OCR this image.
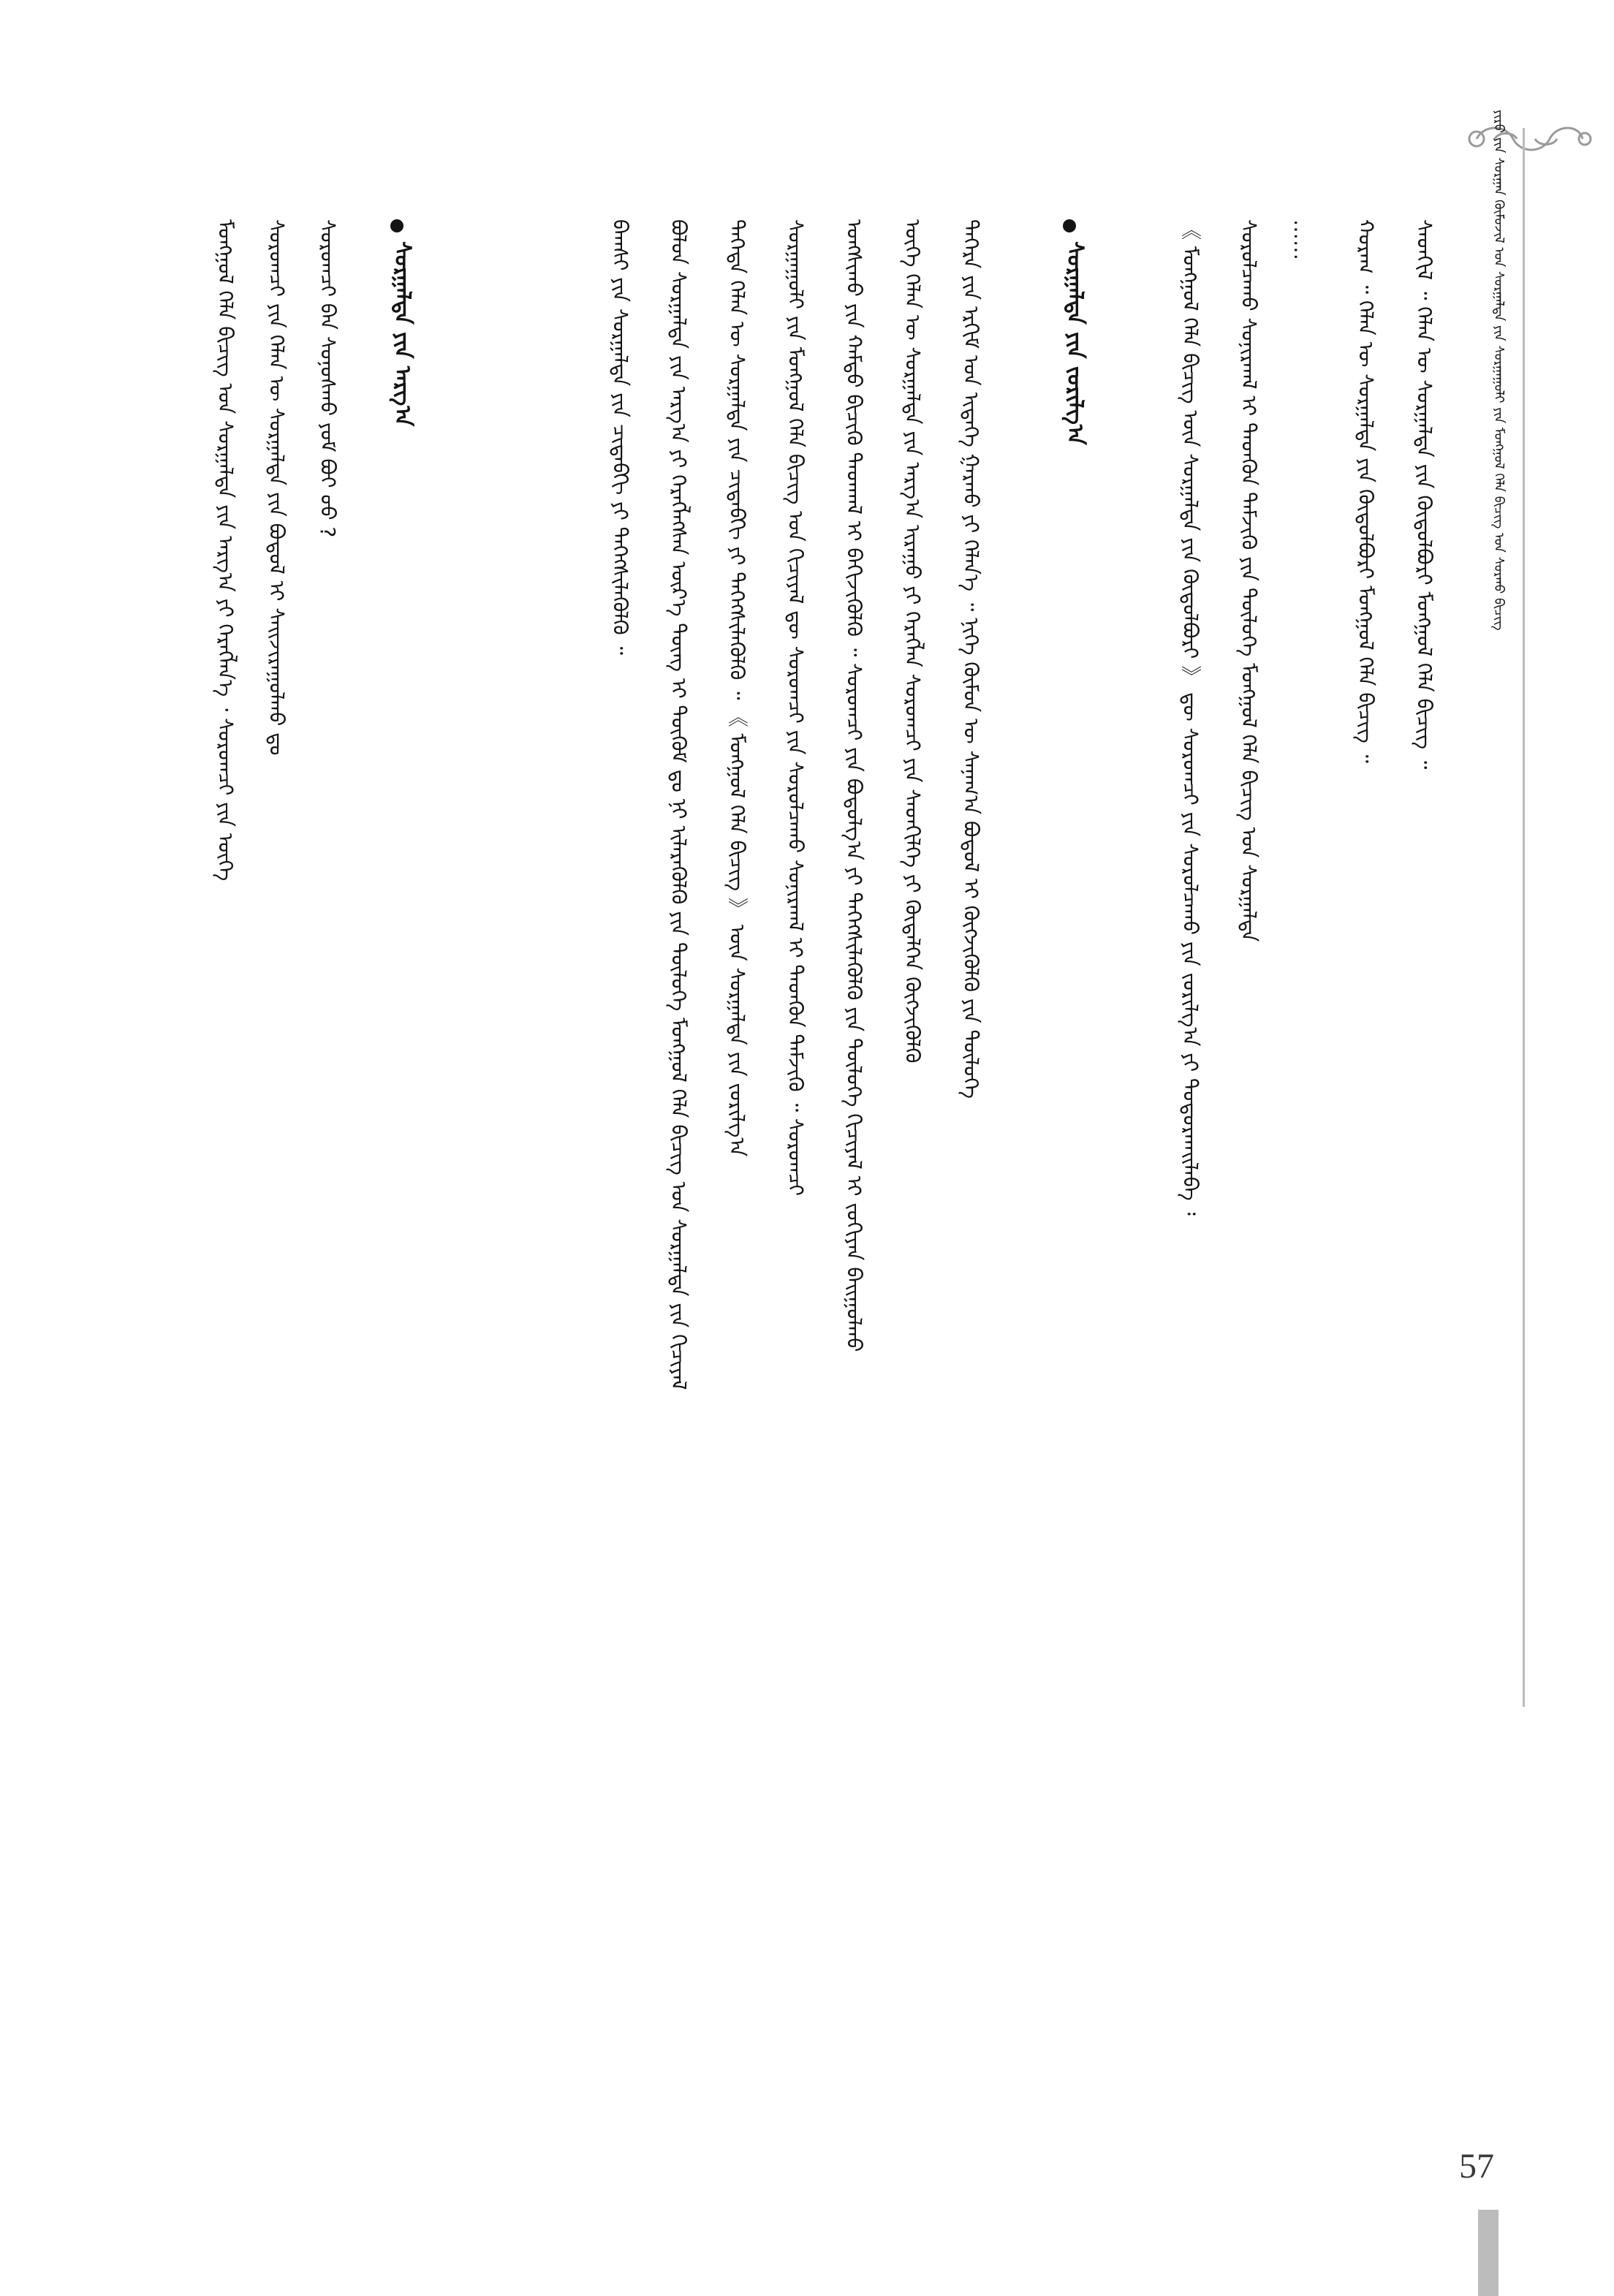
ᠶᠢᠷᠦ ᠶᠢᠨ ᠰᠤᠷᠭᠠᠨ ᠬᠦᠮᠦᠵᠢᠯ ᠤᠨ ᠰᠤᠷᠭᠠᠯᠲᠠ ᠶᠢᠨ ᠰᠤᠷᠭᠠᠭᠤᠯᠢ ᠶᠢᠨ ᠮᠣᠩᠭᠣᠯ ᠬᠡᠯᠡ ᠪᠢᠴᠢᠭ ᠤᠨ ᠰᠤᠷᠬᠤ ᠪᠢᠴᠢᠭ
ᠲᠡᠭᠡᠷᠡ ᠶᠢᠨ ᠡᠷᠬᠢᠮ ᠤᠨ ᠢᠳᠡᠭᠡ ᠭᠠᠷᠬᠤ ᠶᠢ ᠬᠡᠯᠡᠨ᠎ᠡ ᠃ ᠨᠢᠭᠡ ᠬᠦᠮᠦᠨ ᠦ ᠰᠠᠨᠠᠭ᠎ᠠ ᠪᠣᠳᠤᠯ ᠢ ᠬᠦᠭᠵᠢᠭᠦᠯᠬᠦ ᠶᠢᠨ ᠲᠥᠯᠥᠭᠡ
ᠦᠭᠡ ᠬᠡᠯᠡᠨ ᠦ ᠰᠤᠷᠭᠠᠯᠲᠠ ᠶᠢᠨ ᠠᠷᠭ᠎ᠠ ᠢᠷᠠᠭᠤ ᠶᠢ ᠬᠡᠷᠡᠭᠯᠡᠨ ᠰᠤᠷᠤᠭᠴᠢ ᠶᠢᠨ ᠰᠡᠳᠬᠢᠯᠭᠡ ᠶᠢ ᠬᠥᠳᠡᠯᠭᠡᠨ ᠬᠥᠭᠵᠢᠭᠦᠯᠬᠦ
ᠣᠩᠰᠢᠬᠤ ᠶᠢᠨ ᠬᠠᠮᠲᠤ ᠪᠢᠴᠢᠬᠦ ᠳᠠᠳᠬᠠᠯ ᠢ ᠪᠡᠬᠢᠵᠢᠭᠦᠯᠬᠦ ᠃ ᠰᠤᠷᠤᠭᠴᠢ ᠶᠢᠨ ᠪᠣᠳᠤᠯᠭ᠎ᠠ ᠶᠢ ᠳᠡᠭᠡᠭᠰᠢᠯᠡᠭᠦᠯᠬᠦ ᠶᠢᠨ ᠲᠥᠯᠥᠭᠡ ᠬᠢᠴᠢᠶᠡᠯ ᠢ ᠵᠣᠬᠢᠶᠠᠨ ᠪᠠᠢᠭᠤᠯᠬᠤ
ᠰᠤᠷᠭᠠᠭᠤᠯᠢ ᠶᠢᠨ ᠮᠣᠩᠭᠣᠯ ᠬᠡᠯᠡ ᠪᠢᠴᠢᠭ ᠤᠨ ᠬᠢᠴᠢᠶᠡᠯ ᠳᠦ ᠰᠤᠷᠤᠭᠴᠢ ᠶᠢᠨ ᠰᠤᠷᠤᠯᠴᠠᠬᠤ ᠰᠣᠨᠢᠷᠬᠠᠯ ᠢ ᠲᠡᠳᠬᠦᠨ ᠳᠡᠮᠵᠢᠬᠦ ᠃ ᠰᠤᠷᠤᠭᠴᠢ
ᠲᠡᠭᠡᠳᠡ ᠬᠡᠯᠡᠨ ᠦ ᠰᠤᠷᠭᠠᠯᠲᠠ ᠶᠢᠨ ᠴᠢᠳᠠᠪᠬᠢ ᠶᠢ ᠳᠡᠭᠡᠭᠰᠢᠯᠡᠭᠦᠯᠬᠦ ᠃ 《 ᠮᠣᠩᠭᠣᠯ ᠬᠡᠯᠡ ᠪᠢᠴᠢᠭ 》 ᠦᠨ ᠰᠤᠷᠭᠠᠯᠲᠠ ᠶᠢᠨ ᠵᠣᠷᠢᠯᠭ᠎ᠠ
ᠪᠣᠯᠣᠨ ᠰᠤᠷᠭᠠᠯᠲᠠ ᠶᠢᠨ ᠠᠷᠭ᠎ᠠ ᠶᠢ ᠬᠡᠷᠡᠭᠯᠡᠭᠰᠡᠨ ᠦᠷ᠎ᠡ ᠳᠦᠩ ᠢ ᠳᠦᠭᠦᠮ ᠳᠤ ᠨᠢ ᠢᠯᠡᠷᠡᠭᠦᠯᠬᠦ ᠶᠢᠨ ᠲᠥᠯᠥᠭᠡ ᠮᠣᠩᠭᠣᠯ ᠬᠡᠯᠡ ᠪᠢᠴᠢᠭ ᠤᠨ ᠰᠤᠷᠭᠠᠯᠲᠠ ᠶᠢᠨ ᠬᠢᠴᠢᠶᠡᠯ
ᠪᠠᠭᠰᠢ ᠶᠢᠨ ᠰᠤᠷᠭᠠᠯᠲᠠ ᠶᠢᠨ ᠴᠢᠳᠠᠪᠬᠢ ᠶᠢ ᠳᠡᠭᠡᠭᠰᠢᠯᠡᠭᠦᠯᠬᠦ ᠃	ᠰᠤᠷᠭᠠᠯᠲᠠ ᠶᠢᠨ ᠵᠣᠷᠢᠯᠭ᠎ᠠ	《 ᠮᠣᠩᠭᠣᠯ ᠬᠡᠯᠡ ᠪᠢᠴᠢᠭ ᠦᠨ ᠰᠤᠷᠭᠠᠯᠲᠠ ᠶᠢᠨ ᠬᠥᠲᠥᠯᠪᠦᠷᠢ 》 ᠳᠦ ᠰᠤᠷᠤᠭᠴᠢ ᠶᠢᠨ ᠰᠤᠷᠤᠯᠴᠠᠬᠤ ᠶᠢᠨ ᠵᠣᠷᠢᠯᠭ᠎ᠠ ᠶᠢ ᠲᠣᠳᠤᠷᠬᠠᠢᠯᠠᠪᠠ ᠄ ᠰᠤᠷᠤᠯᠴᠠᠬᠤ ᠰᠣᠨᠢᠷᠬᠠᠯ ᠢ ᠲᠡᠳᠬᠦᠨ ᠳᠡᠮᠵᠢᠬᠦ ᠶᠢᠨ ᠲᠥᠯᠥᠭᠡ ᠮᠣᠩᠭᠣᠯ ᠬᠡᠯᠡ ᠪᠢᠴᠢᠭ ᠤᠨ ᠰᠤᠷᠭᠠᠯᠲᠠ …… ᠬᠤᠷᠠᠭ ᠃ ᠬᠡᠯᠡᠨ ᠦ ᠰᠤᠷᠭᠠᠯᠲᠠ ᠶᠢᠨ ᠬᠥᠲᠥᠯᠪᠦᠷᠢ ᠮᠣᠩᠭᠣᠯ ᠬᠡᠯᠡ ᠪᠢᠴᠢᠭ ᠃ ᠰᠡᠳᠬᠢᠯ ᠃ ᠬᠡᠯᠡᠨ ᠦ ᠰᠤᠷᠭᠠᠯᠲᠠ ᠶᠢᠨ ᠬᠥᠲᠥᠯᠪᠦᠷᠢ ᠮᠣᠩᠭᠣᠯ ᠬᠡᠯᠡ ᠪᠢᠴᠢᠭ ᠃
ᠰᠤᠷᠭᠠᠯᠲᠠ ᠶᠢᠨ ᠠᠷᠭ᠎ᠠ
ᠰᠤᠷᠤᠭᠴᠢ ᠪᠠᠨ ᠰᠣᠨᠣᠰᠬᠤ ᠶᠤᠮ ᠪᠤᠢ ᠤᠤ ?
ᠰᠤᠷᠤᠭᠴᠢ ᠶᠢᠨ ᠬᠡᠯᠡᠨ ᠦ ᠰᠤᠷᠭᠠᠯᠲᠠ ᠶᠢᠨ ᠪᠣᠳᠤᠯ ᠢ ᠰᠠᠢᠵᠢᠷᠠᠭᠤᠯᠬᠤ ᠳᠤ
ᠮᠣᠩᠭᠣᠯ ᠬᠡᠯᠡ ᠪᠢᠴᠢᠭ ᠤᠨ ᠰᠤᠷᠭᠠᠯᠲᠠ ᠶᠢᠨ ᠠᠷᠭ᠎ᠠ ᠶᠢ ᠬᠡᠷᠡᠭᠯᠡᠨ᠎ᠡ ᠂ ᠰᠤᠷᠤᠭᠴᠢ ᠶᠢᠨ ᠦᠭᠡ
57
